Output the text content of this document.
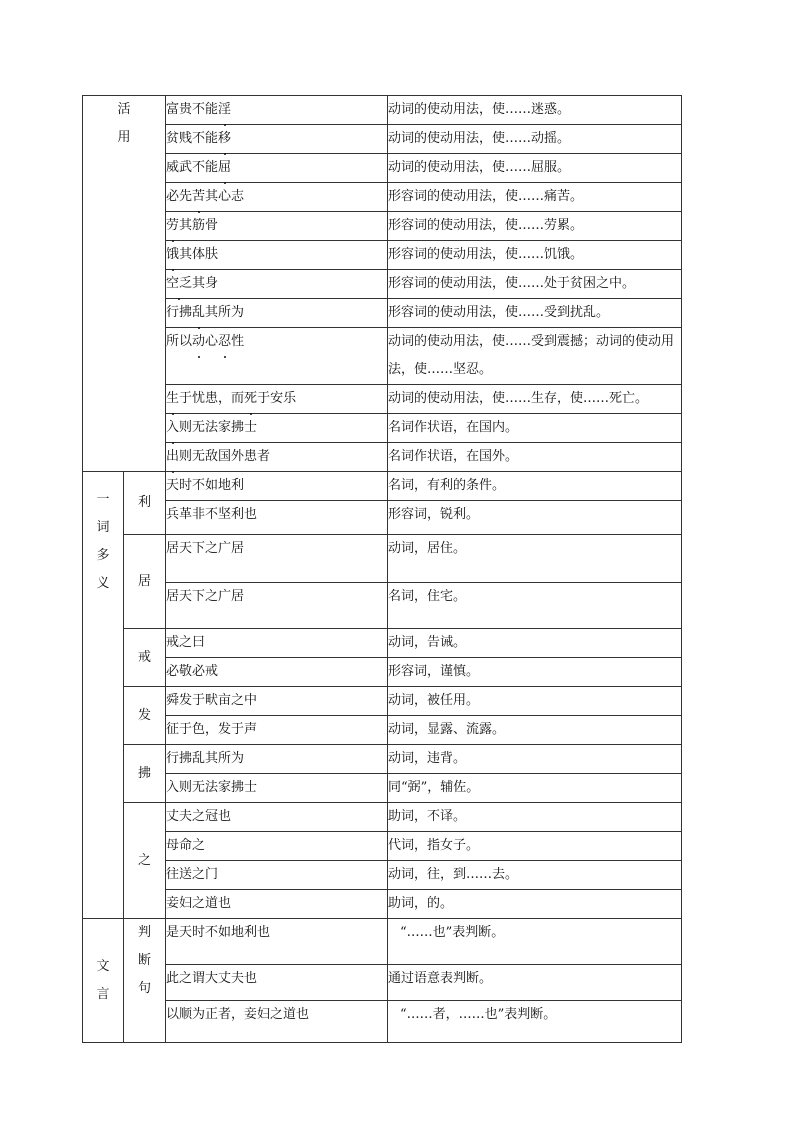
活
用		富贵不能淫	动词的使动用法，使……迷惑。
		贫贱不能移	动词的使动用法，使……动摇。
		威武不能屈	动词的使动用法，使……屈服。
		必先苦其心志	形容词的使动用法，使……痛苦。
		劳其筋骨	形容词的使动用法，使……劳累。
		饿其体肤	形容词的使动用法，使……饥饿。
		空乏其身	形容词的使动用法，使……处于贫困之中。
		行拂乱其所为	形容词的使动用法，使……受到扰乱。
		所以动心忍性	动词的使动用法，使……受到震撼；动词的使动用法，使……坚忍。
		生于忧患，而死于安乐	动词的使动用法，使……生存，使……死亡。
		入则无法家拂士	名词作状语，在国内。
		出则无敌国外患者	名词作状语，在国外。

一
词
多
义	利	天时不如地利	名词，有利的条件。
		兵革非不坚利也	形容词，锐利。

	居	居天下之广居	动词，居住。
		居天下之广居	名词，住宅。

	戒	戒之曰	动词，告诫。
		必敬必戒	形容词，谨慎。

	发	舜发于畎亩之中	动词，被任用。
		征于色，发于声	动词，显露、流露。

	拂	行拂乱其所为	动词，违背。
		入则无法家拂士	同“弼”，辅佐。

	之	丈夫之冠也	助词，不译。
		母命之	代词，指女子。
		往送之门	动词，往，到……去。
		妾妇之道也	助词，的。

文
言	判
断
句	是天时不如地利也	“……也”表判断。
		此之谓大丈夫也	通过语意表判断。
		以顺为正者，妾妇之道也	“……者，……也”表判断。
